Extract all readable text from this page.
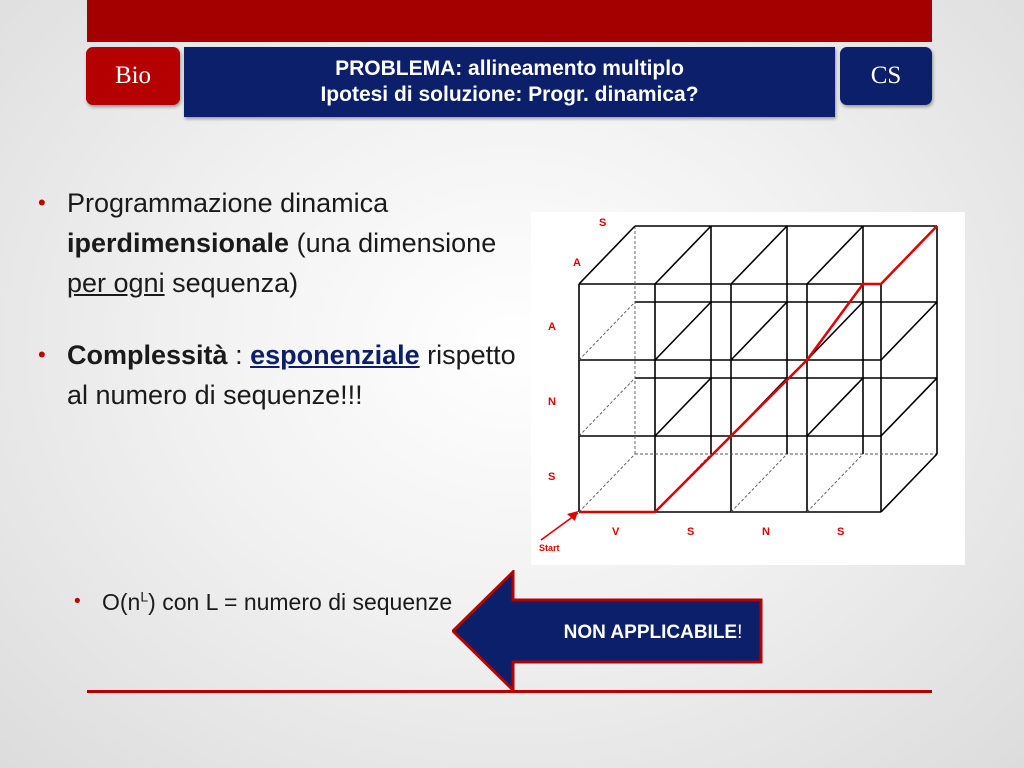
Bio	PROBLEMA: allineamento multiplo
Ipotesi di soluzione: Progr. dinamica?
CS
• Programmazione dinamica iperdimensionale (una dimensione per ogni sequenza)
• Complessità : esponenziale rispetto al numero di sequenze!!!
• $O(n^L)$ con L = numero di sequenze
V	S	N	S
S
N
A
A
S
Start
NON APPLICABILE!
